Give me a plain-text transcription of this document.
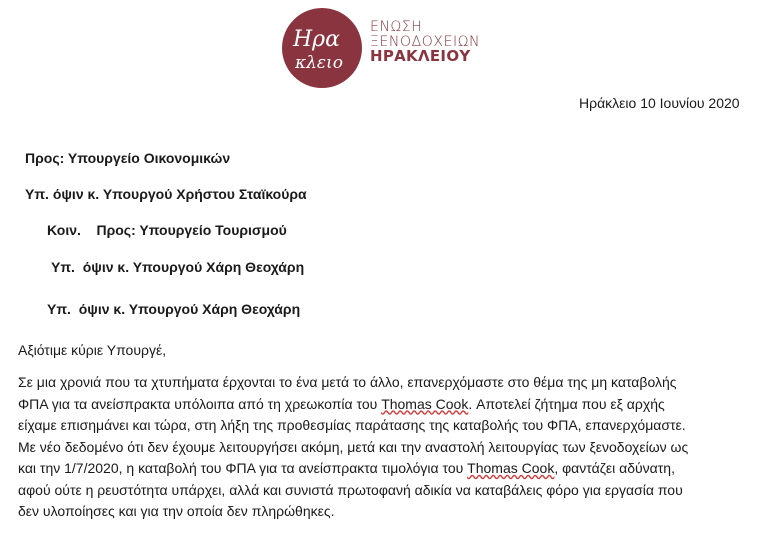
Ηρα
κλειο
ΕΝΩΣΗ
ΞΕΝΟΔΟΧΕΙΩΝ
ΗΡΑΚΛΕΙΟΥ
Ηράκλειο 10 Ιουνίου 2020
Προς: Υπουργείο Οικονομικών
Υπ. όψιν κ. Υπουργού Χρήστου Σταϊκούρα
Κοιν.    Προς: Υπουργείο Τουρισμού
Υπ.  όψιν κ. Υπουργού Χάρη Θεοχάρη
Υπ.  όψιν κ. Υπουργού Χάρη Θεοχάρη
Αξιότιμε κύριε Υπουργέ,
Σε μια χρονιά που τα χτυπήματα έρχονται το ένα μετά το άλλο, επανερχόμαστε στο θέμα της μη καταβολής
ΦΠΑ για τα ανείσπρακτα υπόλοιπα από τη χρεωκοπία του Thomas Cook. Αποτελεί ζήτημα που εξ αρχής
είχαμε επισημάνει και τώρα, στη λήξη της προθεσμίας παράτασης της καταβολής του ΦΠΑ, επανερχόμαστε.
Με νέο δεδομένο ότι δεν έχουμε λειτουργήσει ακόμη, μετά και την αναστολή λειτουργίας των ξενοδοχείων ως
και την 1/7/2020, η καταβολή του ΦΠΑ για τα ανείσπρακτα τιμολόγια του Thomas Cook, φαντάζει αδύνατη,
αφού ούτε η ρευστότητα υπάρχει, αλλά και συνιστά πρωτοφανή αδικία να καταβάλεις φόρο για εργασία που
δεν υλοποίησες και για την οποία δεν πληρώθηκες.
